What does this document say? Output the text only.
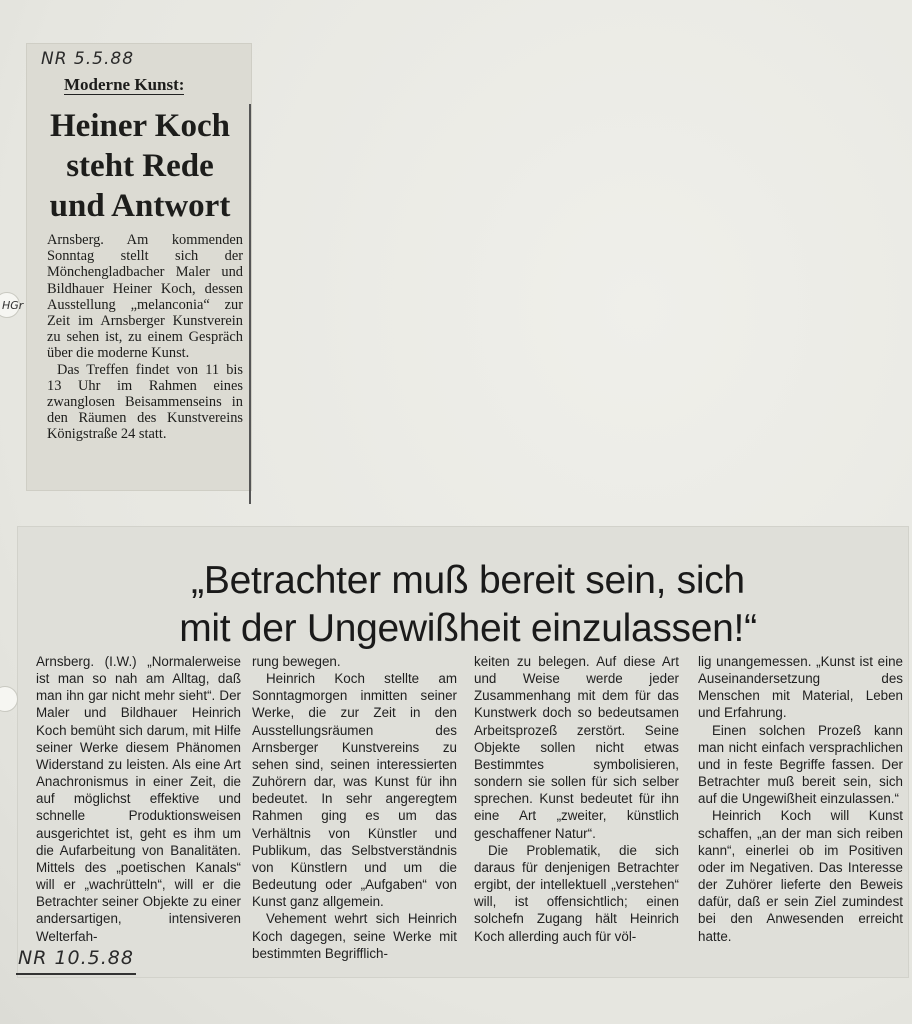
NR 5.5.88
Moderne Kunst:
Heiner Koch
steht Rede
und Antwort

Arnsberg. Am kommenden Sonntag stellt sich der Mönchengladbacher Maler und Bildhauer Heiner Koch, dessen Ausstellung „melanconia“ zur Zeit im Arnsberger Kunstverein zu sehen ist, zu einem Gespräch über die moderne Kunst.

Das Treffen findet von 11 bis 13 Uhr im Rahmen eines zwanglosen Beisammenseins in den Räumen des Kunstvereins Königstraße 24 statt.

HGr
„Betrachter muß bereit sein, sich
mit der Ungewißheit einzulassen!“

Arnsberg. (I.W.) „Normalerweise ist man so nah am Alltag, daß man ihn gar nicht mehr sieht“. Der Maler und Bildhauer Heinrich Koch bemüht sich darum, mit Hilfe seiner Werke diesem Phänomen Widerstand zu leisten. Als eine Art Anachronismus in einer Zeit, die auf möglichst effektive und schnelle Produktionsweisen ausgerichtet ist, geht es ihm um die Aufarbeitung von Banalitäten. Mittels des „poetischen Kanals“ will er „wachrütteln“, will er die Betrachter seiner Objekte zu einer andersartigen, intensiveren Welterfah-

rung bewegen.

Heinrich Koch stellte am Sonntagmorgen inmitten seiner Werke, die zur Zeit in den Ausstellungsräumen des Arnsberger Kunstvereins zu sehen sind, seinen interessierten Zuhörern dar, was Kunst für ihn bedeutet. In sehr angeregtem Rahmen ging es um das Verhältnis von Künstler und Publikum, das Selbstverständnis von Künstlern und um die Bedeutung oder „Aufgaben“ von Kunst ganz allgemein.

Vehement wehrt sich Heinrich Koch dagegen, seine Werke mit bestimmten Begrifflich-

keiten zu belegen. Auf diese Art und Weise werde jeder Zusammenhang mit dem für das Kunstwerk doch so bedeutsamen Arbeitsprozeß zerstört. Seine Objekte sollen nicht etwas Bestimmtes symbolisieren, sondern sie sollen für sich selber sprechen. Kunst bedeutet für ihn eine Art „zweiter, künstlich geschaffener Natur“.

Die Problematik, die sich daraus für denjenigen Betrachter ergibt, der intellektuell „verstehen“ will, ist offensichtlich; einen solchefn Zugang hält Heinrich Koch allerding auch für völ-

lig unangemessen. „Kunst ist eine Auseinandersetzung des Menschen mit Material, Leben und Erfahrung.

Einen solchen Prozeß kann man nicht einfach versprachlichen und in feste Begriffe fassen. Der Betrachter muß bereit sein, sich auf die Ungewißheit einzulassen.“

Heinrich Koch will Kunst schaffen, „an der man sich reiben kann“, einerlei ob im Positiven oder im Negativen. Das Interesse der Zuhörer lieferte den Beweis dafür, daß er sein Ziel zumindest bei den Anwesenden erreicht hatte.

NR 10.5.88
